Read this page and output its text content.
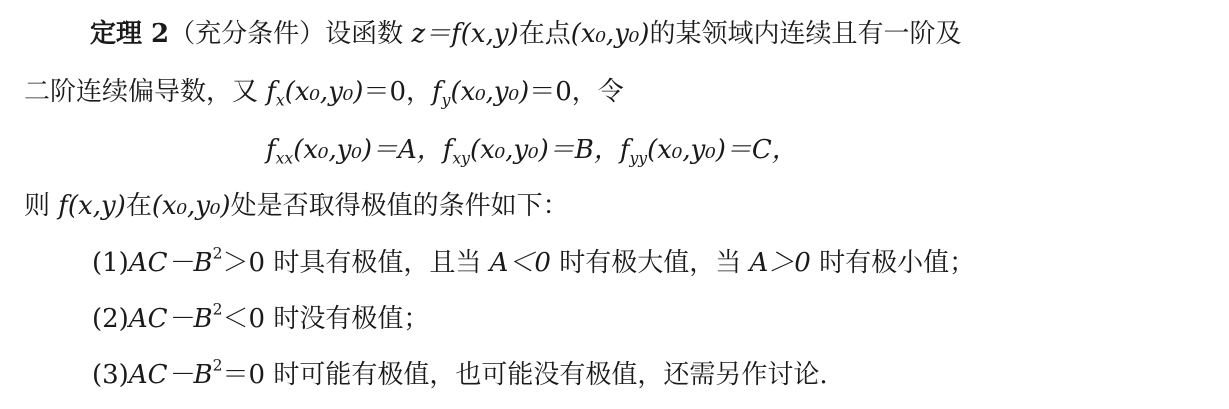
定理 2（充分条件）设函数 z＝f(x,y)在点(x₀,y₀)的某领域内连续且有一阶及
二阶连续偏导数，又 $f_x(x_0,y_0)=0$，$f_y(x_0,y_0)=0$，令
$f_{xx}(x_0,y_0)=A$，$f_{xy}(x_0,y_0)=B$，$f_{yy}(x_0,y_0)=C$，
则 f(x,y)在(x₀,y₀)处是否取得极值的条件如下：
$(1)AC-B^2>0$ 时具有极值，且当 A＜0 时有极大值，当 A＞0 时有极小值；
$(2)AC-B^2<0$ 时没有极值；
$(3)AC-B^2=0$ 时可能有极值，也可能没有极值，还需另作讨论.
